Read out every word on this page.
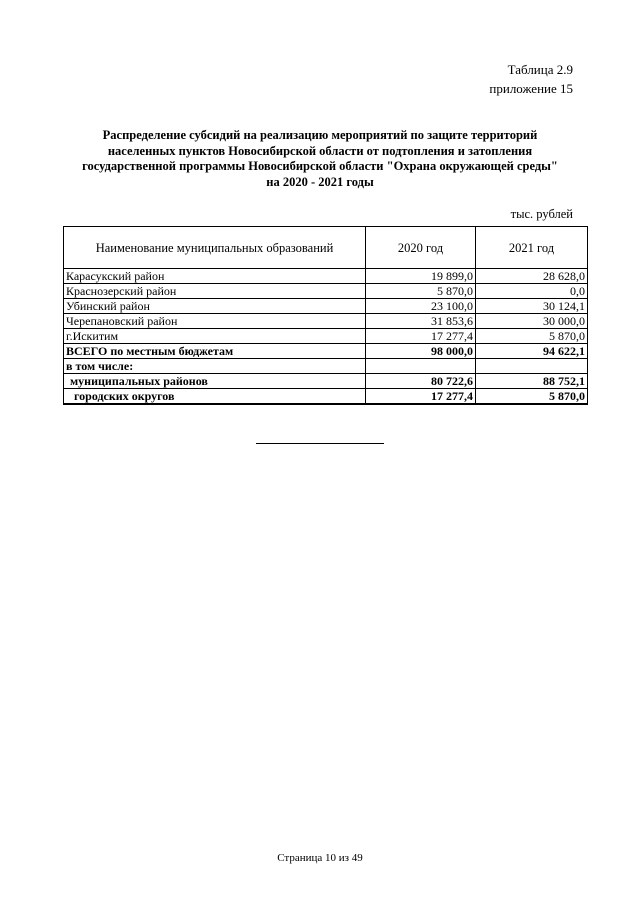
Таблица 2.9
приложение 15
Распределение субсидий на реализацию мероприятий по защите территорий
населенных пунктов Новосибирской области от подтопления и затопления
государственной программы Новосибирской области "Охрана окружающей среды"
на 2020 - 2021 годы
тыс. рублей
Наименование муниципальных образований	2020 год	2021 год
Карасукский район	19 899,0	28 628,0
Краснозерский район	5 870,0	0,0
Убинский район	23 100,0	30 124,1
Черепановский район	31 853,6	30 000,0
г.Искитим	17 277,4	5 870,0
ВСЕГО по местным бюджетам	98 000,0	94 622,1
в том числе:		
муниципальных районов	80 722,6	88 752,1
городских округов	17 277,4	5 870,0
Страница 10 из 49
